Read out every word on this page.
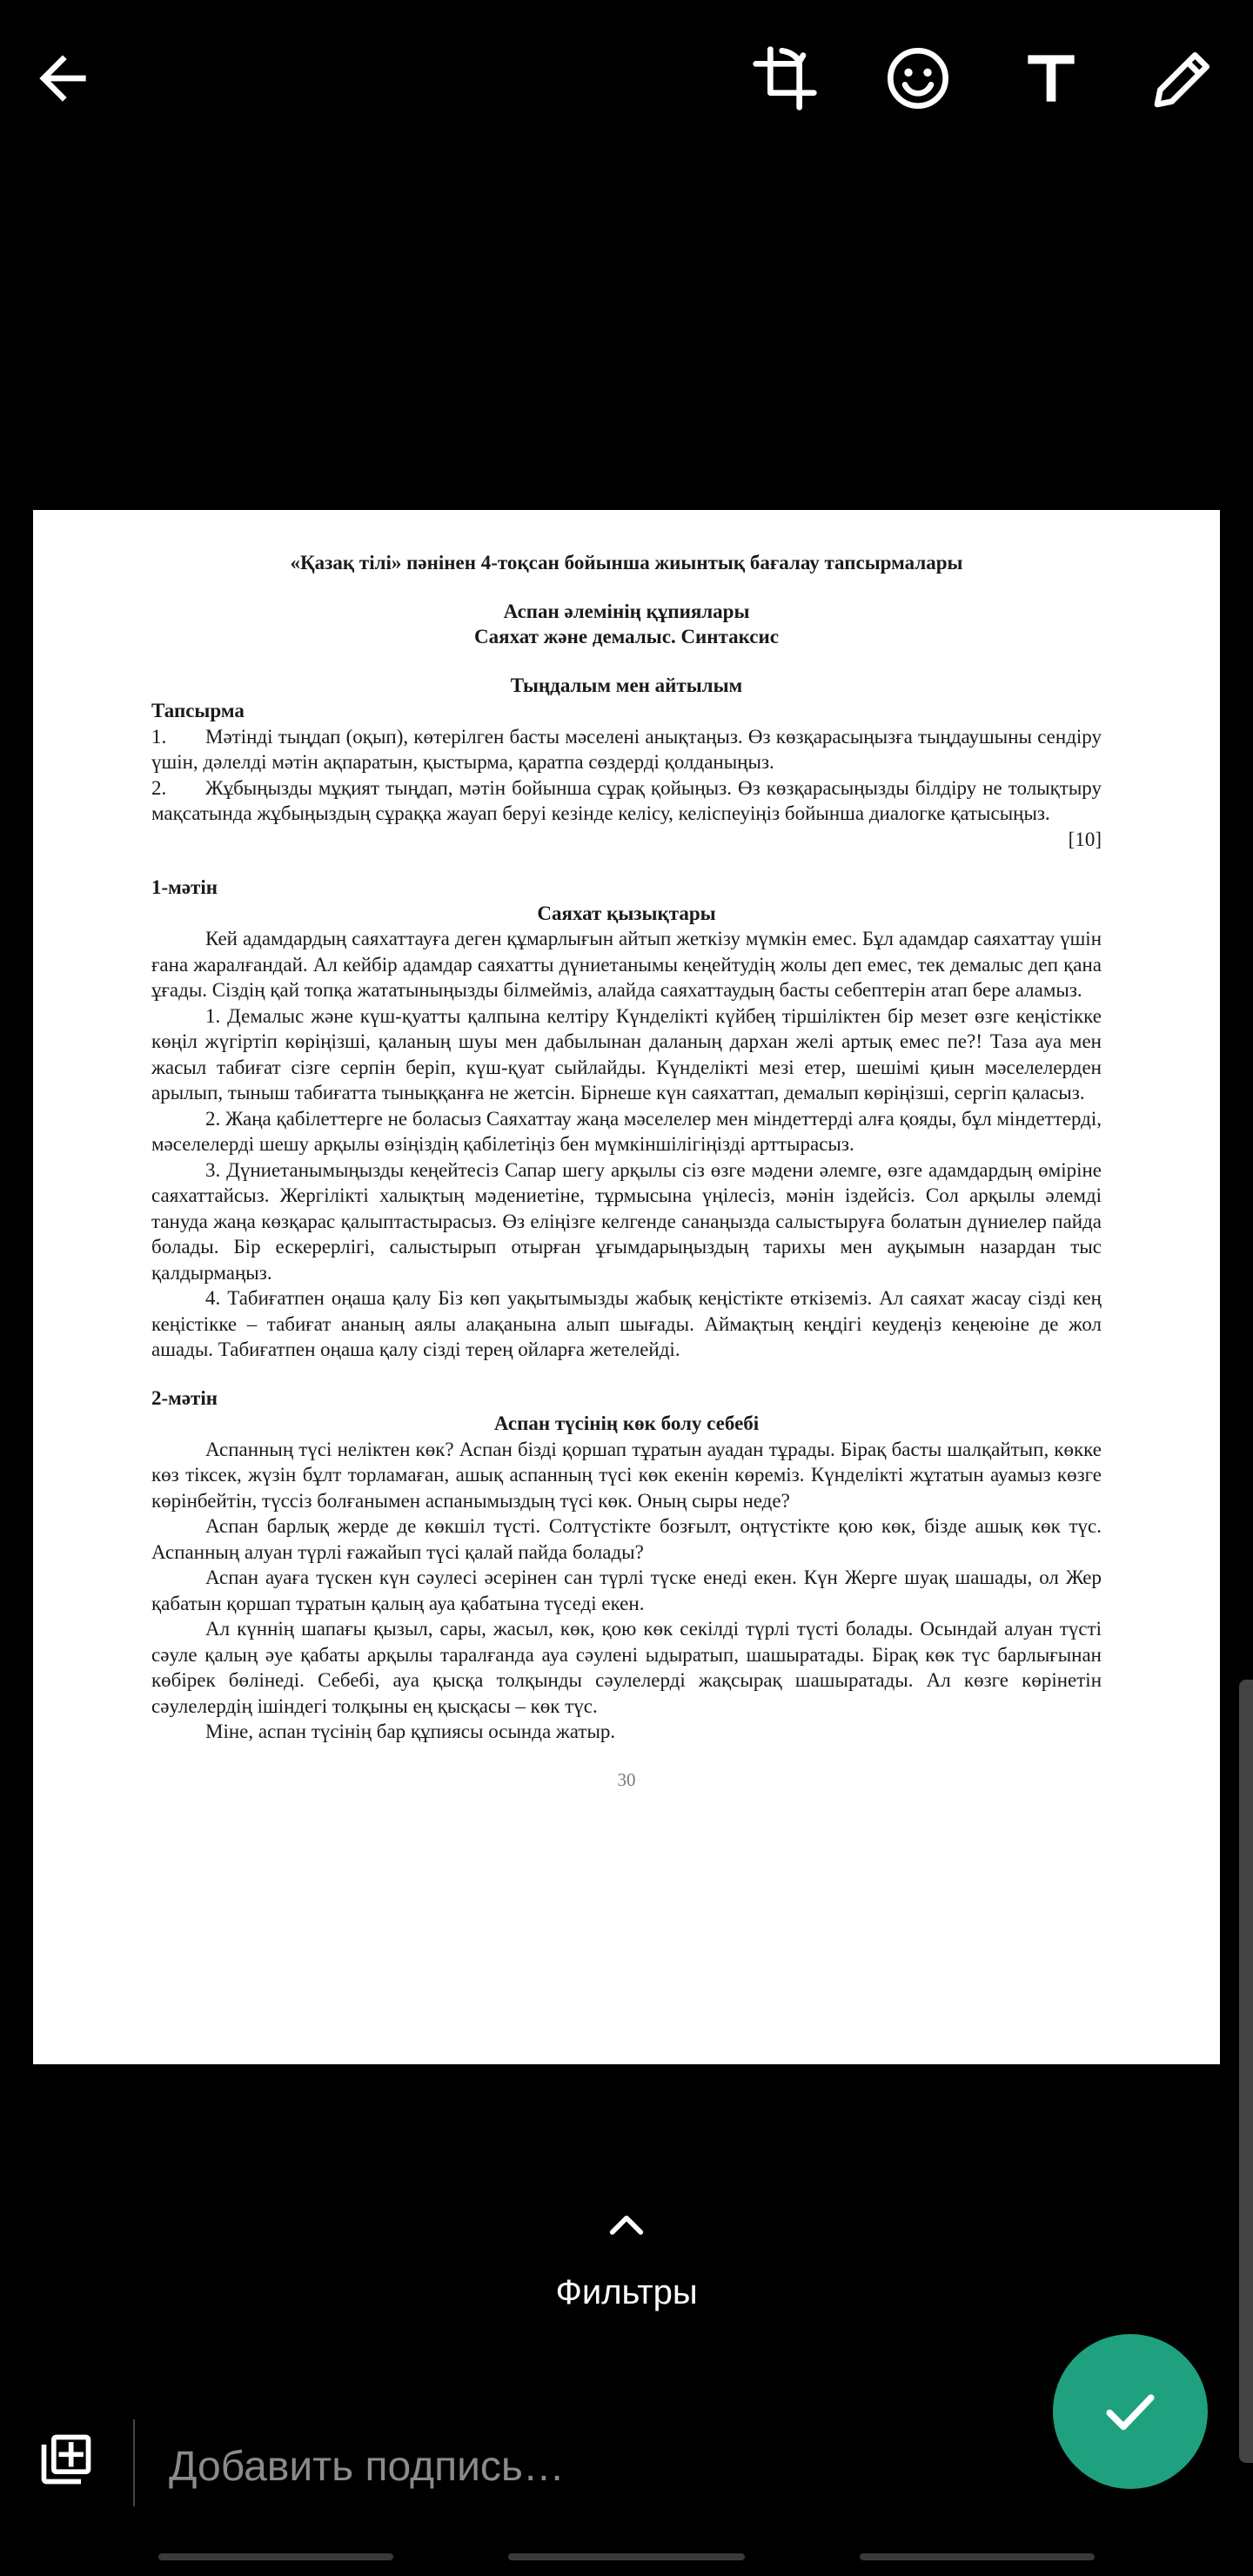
«Қазақ тілі» пәнінен 4-тоқсан бойынша жиынтық бағалау тапсырмалары
Аспан әлемінің құпиялары
Саяхат және демалыс. Синтаксис
Тыңдалым мен айтылым
Тапсырма

1. Мәтінді тыңдап (оқып), көтерілген басты мәселені анықтаңыз. Өз көзқарасыңызға тыңдаушыны сендіру үшін, дәлелді мәтін ақпаратын, қыстырма, қаратпа сөздерді қолданыңыз.

2. Жұбыңызды мұқият тыңдап, мәтін бойынша сұрақ қойыңыз. Өз көзқарасыңызды білдіру не толықтыру мақсатында жұбыңыздың сұраққа жауап беруі кезінде келісу, келіспеуіңіз бойынша диалогке қатысыңыз.

[10]

1-мәтін
Саяхат қызықтары

Кей адамдардың саяхаттауға деген құмарлығын айтып жеткізу мүмкін емес. Бұл адамдар саяхаттау үшін ғана жаралғандай. Ал кейбір адамдар саяхатты дүниетанымы кеңейтудің жолы деп емес, тек демалыс деп қана ұғады. Сіздің қай топқа жататыныңызды білмейміз, алайда саяхаттаудың басты себептерін атап бере аламыз.

1. Демалыс және күш-қуатты қалпына келтіру Күнделікті күйбең тіршіліктен бір мезет өзге кеңістікке көңіл жүгіртіп көріңізші, қаланың шуы мен дабылынан даланың дархан желі артық емес пе?! Таза ауа мен жасыл табиғат сізге серпін беріп, күш-қуат сыйлайды. Күнделікті мезі етер, шешімі қиын мәселелерден арылып, тыныш табиғатта тыныққанға не жетсін. Бірнеше күн саяхаттап, демалып көріңізші, сергіп қаласыз.

2. Жаңа қабілеттерге не боласыз Саяхаттау жаңа мәселелер мен міндеттерді алға қояды, бұл міндеттерді, мәселелерді шешу арқылы өзіңіздің қабілетіңіз бен мүмкіншілігіңізді арттырасыз.

3. Дүниетанымыңызды кеңейтесіз Сапар шегу арқылы сіз өзге мәдени әлемге, өзге адамдардың өміріне саяхаттайсыз. Жергілікті халықтың мәдениетіне, тұрмысына үңілесіз, мәнін іздейсіз. Сол арқылы әлемді тануда жаңа көзқарас қалыптастырасыз. Өз еліңізге келгенде санаңызда салыстыруға болатын дүниелер пайда болады. Бір ескерерлігі, салыстырып отырған ұғымдарыңыздың тарихы мен ауқымын назардан тыс қалдырмаңыз.

4. Табиғатпен оңаша қалу Біз көп уақытымызды жабық кеңістікте өткіземіз. Ал саяхат жасау сізді кең кеңістікке – табиғат ананың аялы алақанына алып шығады. Аймақтың кеңдігі кеудеңіз кеңеюіне де жол ашады. Табиғатпен оңаша қалу сізді терең ойларға жетелейді.

2-мәтін
Аспан түсінің көк болу себебі

Аспанның түсі неліктен көк? Аспан бізді қоршап тұратын ауадан тұрады. Бірақ басты шалқайтып, көкке көз тіксек, жүзін бұлт торламаған, ашық аспанның түсі көк екенін көреміз. Күнделікті жұтатын ауамыз көзге көрінбейтін, түссіз болғанымен аспанымыздың түсі көк. Оның сыры неде?

Аспан барлық жерде де көкшіл түсті. Солтүстікте бозғылт, оңтүстікте қою көк, бізде ашық көк түс. Аспанның алуан түрлі ғажайып түсі қалай пайда болады?

Аспан ауаға түскен күн сәулесі әсерінен сан түрлі түске енеді екен. Күн Жерге шуақ шашады, ол Жер қабатын қоршап тұратын қалың ауа қабатына түседі екен.

Ал күннің шапағы қызыл, сары, жасыл, көк, қою көк секілді түрлі түсті болады. Осындай алуан түсті сәуле қалың әуе қабаты арқылы таралғанда ауа сәулені ыдыратып, шашыратады. Бірақ көк түс барлығынан көбірек бөлінеді. Себебі, ауа қысқа толқынды сәулелерді жақсырақ шашыратады. Ал көзге көрінетін сәулелердің ішіндегі толқыны ең қысқасы – көк түс.

Міне, аспан түсінің бар құпиясы осында жатыр.

30
Фильтры
Добавить подпись…
